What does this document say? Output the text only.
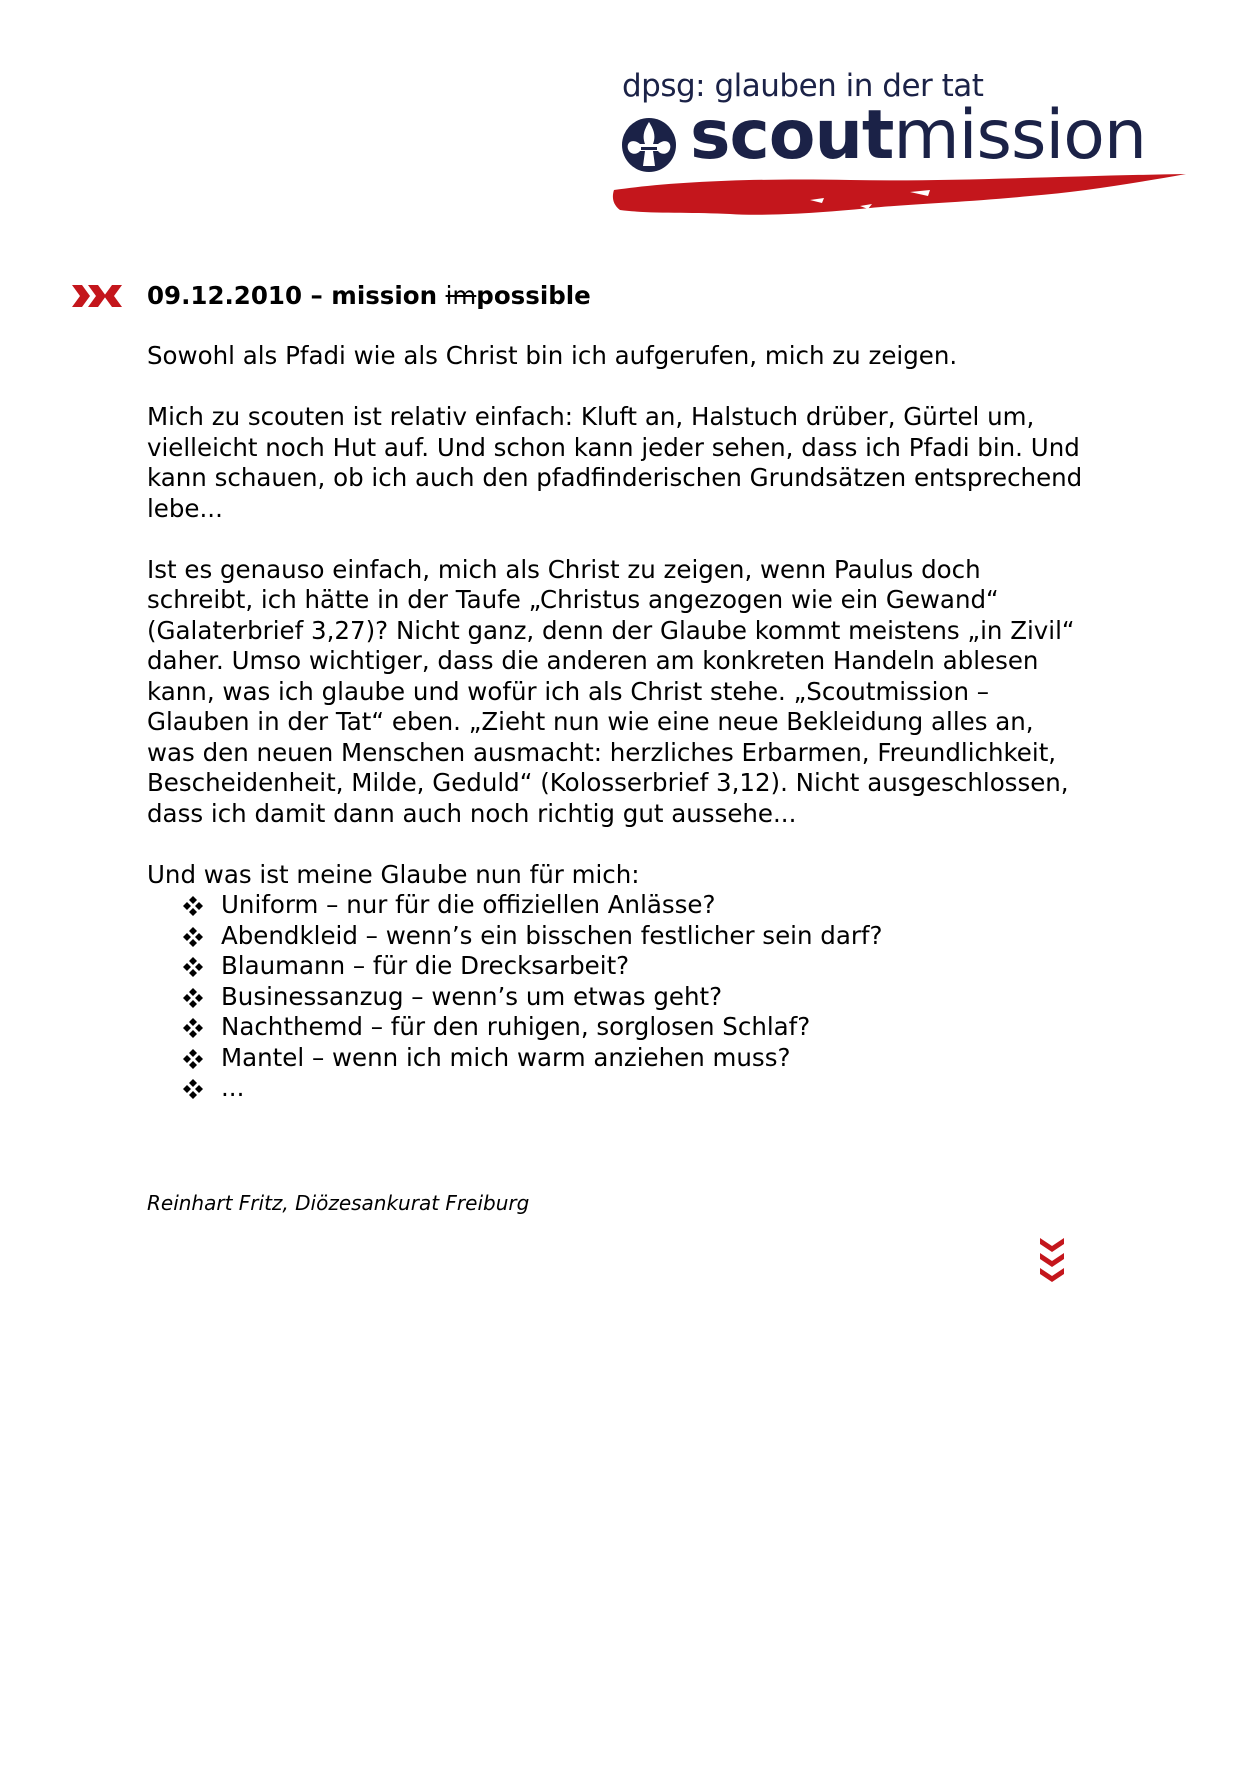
dpsg: glauben in der tat
scoutmission
09.12.2010 – mission impossible

Sowohl als Pfadi wie als Christ bin ich aufgerufen, mich zu zeigen.

Mich zu scouten ist relativ einfach: Kluft an, Halstuch drüber, Gürtel um, vielleicht noch Hut auf. Und schon kann jeder sehen, dass ich Pfadi bin. Und kann schauen, ob ich auch den pfadfinderischen Grundsätzen entsprechend lebe...

Ist es genauso einfach, mich als Christ zu zeigen, wenn Paulus doch schreibt, ich hätte in der Taufe „Christus angezogen wie ein Gewand“ (Galaterbrief 3,27)? Nicht ganz, denn der Glaube kommt meistens „in Zivil“ daher. Umso wichtiger, dass die anderen am konkreten Handeln ablesen kann, was ich glaube und wofür ich als Christ stehe. „Scoutmission – Glauben in der Tat“ eben. „Zieht nun wie eine neue Bekleidung alles an, was den neuen Menschen ausmacht: herzliches Erbarmen, Freundlichkeit, Bescheidenheit, Milde, Geduld“ (Kolosserbrief 3,12). Nicht ausgeschlossen, dass ich damit dann auch noch richtig gut aussehe...

Und was ist meine Glaube nun für mich:
Uniform – nur für die offiziellen Anlässe?
Abendkleid – wenn’s ein bisschen festlicher sein darf?
Blaumann – für die Drecksarbeit?
Businessanzug – wenn’s um etwas geht?
Nachthemd – für den ruhigen, sorglosen Schlaf?
Mantel – wenn ich mich warm anziehen muss?
...
Reinhart Fritz, Diözesankurat Freiburg
